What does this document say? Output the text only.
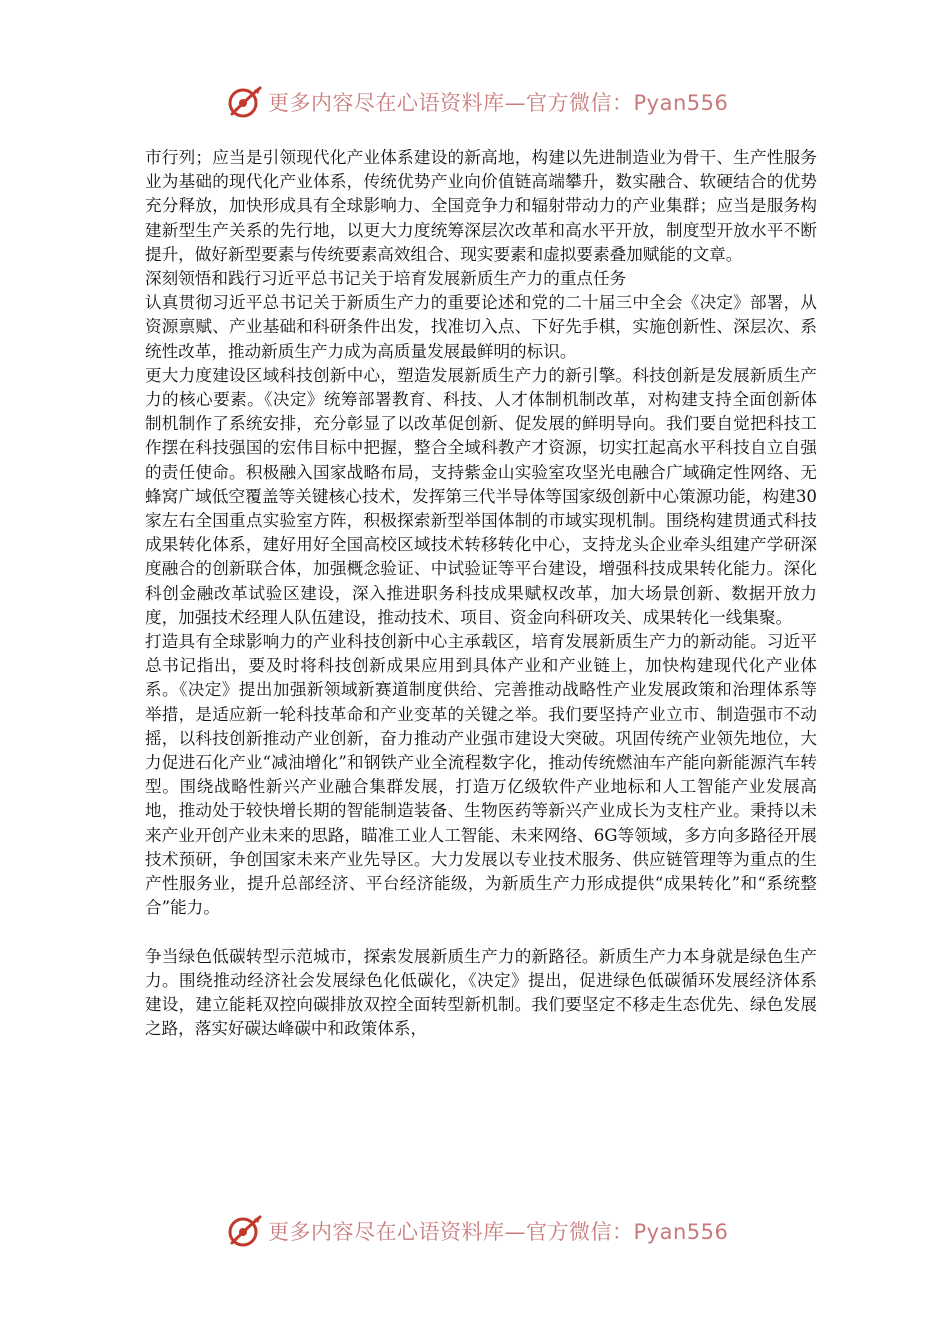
更多内容尽在心语资料库—官方微信：Pyan556

市行列；应当是引领现代化产业体系建设的新高地，构建以先进制造业为骨干、生产性服务业为基础的现代化产业体系，传统优势产业向价值链高端攀升，数实融合、软硬结合的优势充分释放，加快形成具有全球影响力、全国竞争力和辐射带动力的产业集群；应当是服务构建新型生产关系的先行地，以更大力度统筹深层次改革和高水平开放，制度型开放水平不断提升，做好新型要素与传统要素高效组合、现实要素和虚拟要素叠加赋能的文章。

深刻领悟和践行习近平总书记关于培育发展新质生产力的重点任务

认真贯彻习近平总书记关于新质生产力的重要论述和党的二十届三中全会《决定》部署，从资源禀赋、产业基础和科研条件出发，找准切入点、下好先手棋，实施创新性、深层次、系统性改革，推动新质生产力成为高质量发展最鲜明的标识。

更大力度建设区域科技创新中心，塑造发展新质生产力的新引擎。科技创新是发展新质生产力的核心要素。《决定》统筹部署教育、科技、人才体制机制改革，对构建支持全面创新体制机制作了系统安排，充分彰显了以改革促创新、促发展的鲜明导向。我们要自觉把科技工作摆在科技强国的宏伟目标中把握，整合全域科教产才资源，切实扛起高水平科技自立自强的责任使命。积极融入国家战略布局，支持紫金山实验室攻坚光电融合广域确定性网络、无蜂窝广域低空覆盖等关键核心技术，发挥第三代半导体等国家级创新中心策源功能，构建30家左右全国重点实验室方阵，积极探索新型举国体制的市域实现机制。围绕构建贯通式科技成果转化体系，建好用好全国高校区域技术转移转化中心，支持龙头企业牵头组建产学研深度融合的创新联合体，加强概念验证、中试验证等平台建设，增强科技成果转化能力。深化科创金融改革试验区建设，深入推进职务科技成果赋权改革，加大场景创新、数据开放力度，加强技术经理人队伍建设，推动技术、项目、资金向科研攻关、成果转化一线集聚。

打造具有全球影响力的产业科技创新中心主承载区，培育发展新质生产力的新动能。习近平总书记指出，要及时将科技创新成果应用到具体产业和产业链上，加快构建现代化产业体系。《决定》提出加强新领域新赛道制度供给、完善推动战略性产业发展政策和治理体系等举措，是适应新一轮科技革命和产业变革的关键之举。我们要坚持产业立市、制造强市不动摇，以科技创新推动产业创新，奋力推动产业强市建设大突破。巩固传统产业领先地位，大力促进石化产业“减油增化”和钢铁产业全流程数字化，推动传统燃油车产能向新能源汽车转型。围绕战略性新兴产业融合集群发展，打造万亿级软件产业地标和人工智能产业发展高地，推动处于较快增长期的智能制造装备、生物医药等新兴产业成长为支柱产业。秉持以未来产业开创产业未来的思路，瞄准工业人工智能、未来网络、6G等领域，多方向多路径开展技术预研，争创国家未来产业先导区。大力发展以专业技术服务、供应链管理等为重点的生产性服务业，提升总部经济、平台经济能级，为新质生产力形成提供“成果转化”和“系统整合”能力。

争当绿色低碳转型示范城市，探索发展新质生产力的新路径。新质生产力本身就是绿色生产力。围绕推动经济社会发展绿色化低碳化，《决定》提出，促进绿色低碳循环发展经济体系建设，建立能耗双控向碳排放双控全面转型新机制。我们要坚定不移走生态优先、绿色发展之路，落实好碳达峰碳中和政策体系，

更多内容尽在心语资料库—官方微信：Pyan556
